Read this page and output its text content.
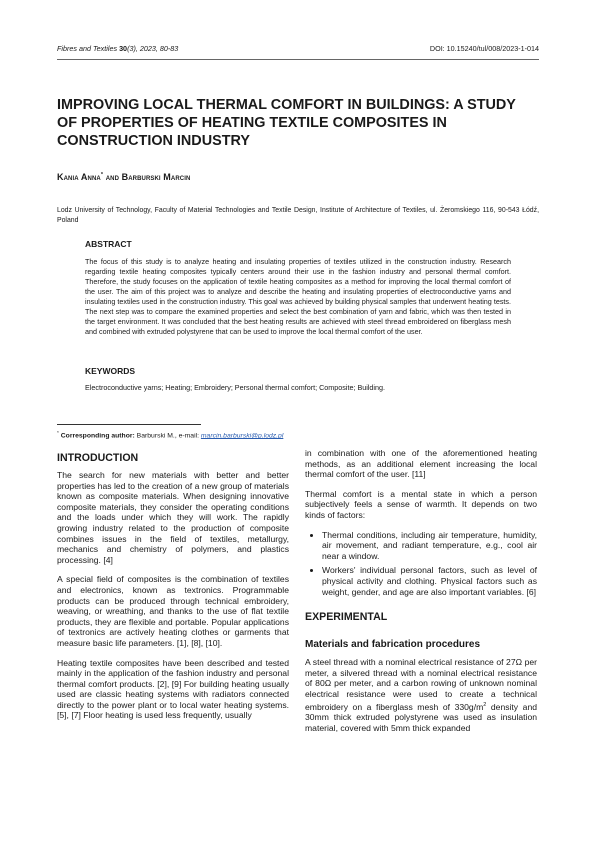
Fibres and Textiles 30(3), 2023, 80-83	DOI: 10.15240/tul/008/2023-1-014
IMPROVING LOCAL THERMAL COMFORT IN BUILDINGS: A STUDY OF PROPERTIES OF HEATING TEXTILE COMPOSITES IN CONSTRUCTION INDUSTRY
Kania Anna* and Barburski Marcin
Lodz University of Technology, Faculty of Material Technologies and Textile Design, Institute of Architecture of Textiles, ul. Żeromskiego 116, 90-543 Łódź, Poland
ABSTRACT

The focus of this study is to analyze heating and insulating properties of textiles utilized in the construction industry. Research regarding textile heating composites typically centers around their use in the fashion industry and personal thermal comfort. Therefore, the study focuses on the application of textile heating composites as a method for improving the local thermal comfort of the user. The aim of this project was to analyze and describe the heating and insulating properties of electroconductive yarns and insulating textiles used in the construction industry. This goal was achieved by building physical samples that underwent heating tests. The next step was to compare the examined properties and select the best combination of yarn and fabric, which was then tested in the target environment. It was concluded that the best heating results are achieved with steel thread embroidered on fiberglass mesh and combined with extruded polystyrene that can be used to improve the local thermal comfort of the user.

KEYWORDS
Electroconductive yarns; Heating; Embroidery; Personal thermal comfort; Composite; Building.
* Corresponding author: Barburski M., e-mail: marcin.barburski@p.lodz.pl
INTRODUCTION

The search for new materials with better and better properties has led to the creation of a new group of materials known as composite materials. When designing innovative composite materials, they consider the operating conditions and the loads under which they will work. The rapidly growing industry related to the production of composite combines issues in the field of textiles, metallurgy, mechanics and chemistry of polymers, and plastics processing. [4]

A special field of composites is the combination of textiles and electronics, known as textronics. Programmable products can be produced through technical embroidery, weaving, or wreathing, and thanks to the use of flat textile products, they are flexible and portable. Popular applications of textronics are actively heating clothes or garments that measure basic life parameters. [1], [8], [10].

Heating textile composites have been described and tested mainly in the application of the fashion industry and personal thermal comfort products. [2], [9] For building heating usually used are classic heating systems with radiators connected directly to the power plant or to local water heating systems. [5], [7] Floor heating is used less frequently, usually

in combination with one of the aforementioned heating methods, as an additional element increasing the local thermal comfort of the user. [11]

Thermal comfort is a mental state in which a person subjectively feels a sense of warmth. It depends on two kinds of factors:

• Thermal conditions, including air temperature, humidity, air movement, and radiant temperature, e.g., cool air near a window.
• Workers' individual personal factors, such as level of physical activity and clothing. Physical factors such as weight, gender, and age are also important variables. [6]
EXPERIMENTAL
Materials and fabrication procedures

A steel thread with a nominal electrical resistance of 27Ω per meter, a silvered thread with a nominal electrical resistance of 80Ω per meter, and a carbon rowing of unknown nominal electrical resistance were used to create a technical embroidery on a fiberglass mesh of $330g/m^2$ density and 30mm thick extruded polystyrene was used as insulation material, covered with 5mm thick expanded
